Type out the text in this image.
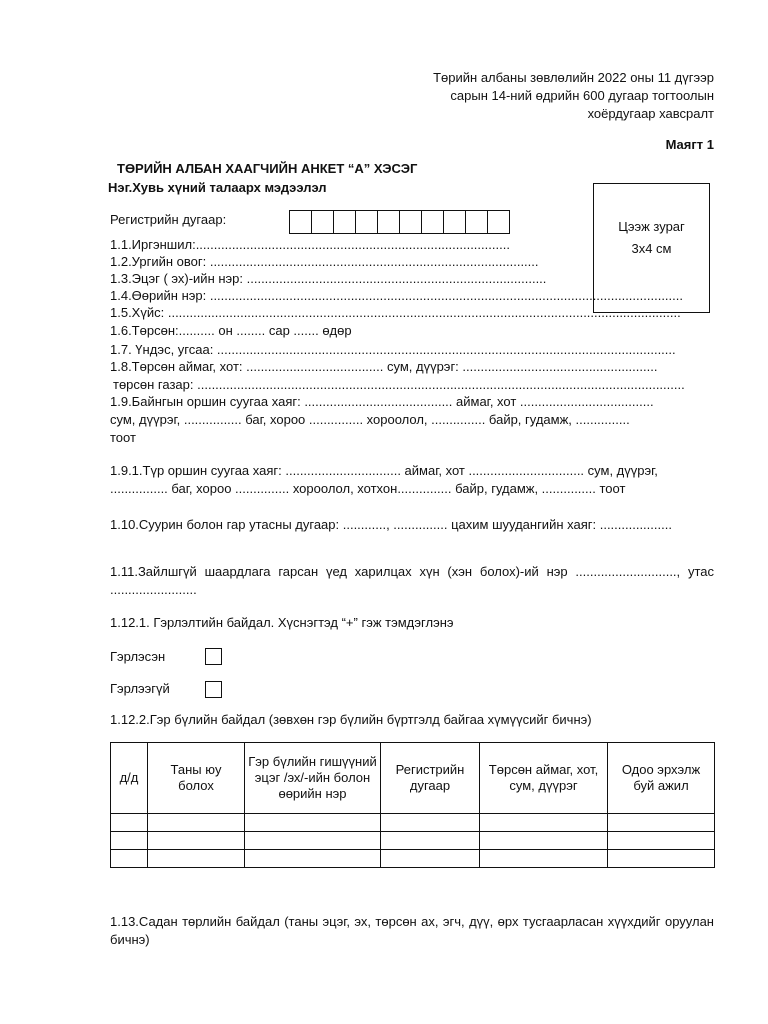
Төрийн албаны зөвлөлийн 2022 оны 11 дүгээр
сарын 14-ний өдрийн 600 дугаар тогтоолын
хоёрдугаар хавсралт
Маягт 1
ТӨРИЙН АЛБАН ХААГЧИЙН АНКЕТ “А” ХЭСЭГ
Нэг.Хувь хүний талаарх мэдээлэл
Цээж зураг
3x4 см
Регистрийн дугаар:
1.1.Иргэншил:.......................................................................................
1.2.Ургийн овог: ...........................................................................................
1.3.Эцэг ( эх)-ийн нэр: ...................................................................................
1.4.Өөрийн нэр: ...................................................................................................................................
1.5.Хүйс: ..............................................................................................................................................
1.6.Төрсөн:.......... он ........ сар ....... өдөр
1.7. Үндэс, угсаа: ...............................................................................................................................
1.8.Төрсөн аймаг, хот: ...................................... сум, дүүрэг: ......................................................
төрсөн газар: .......................................................................................................................................
1.9.Байнгын оршин суугаа хаяг: ......................................... аймаг, хот .....................................
сум, дүүрэг, ................ баг, хороо ............... хороолол, ............... байр, гудамж, ...............
тоот
1.9.1.Түр оршин суугаа хаяг: ................................ аймаг, хот ................................ сум, дүүрэг,
................ баг, хороо ............... хороолол, хотхон............... байр, гудамж, ............... тоот
1.10.Суурин болон гар утасны дугаар: ............, ............... цахим шуудангийн хаяг: ....................
1.11.Зайлшгүй шаардлага гарсан үед харилцах хүн (хэн болох)-ий нэр ............................, утас ........................
1.12.1. Гэрлэлтийн байдал. Хүснэгтэд “+” гэж тэмдэглэнэ
Гэрлэсэн
Гэрлээгүй
1.12.2.Гэр бүлийн байдал (зөвхөн гэр бүлийн бүртгэлд байгаа хүмүүсийг бичнэ)
д/д	Таны юу болох	Гэр бүлийн гишүүний эцэг /эх/-ийн болон өөрийн нэр	Регистрийн дугаар	Төрсөн аймаг, хот, сум, дүүрэг	Одоо эрхэлж буй ажил

1.13.Садан төрлийн байдал (таны эцэг, эх, төрсөн ах, эгч, дүү, өрх тусгаарласан хүүхдийг оруулан бичнэ)
